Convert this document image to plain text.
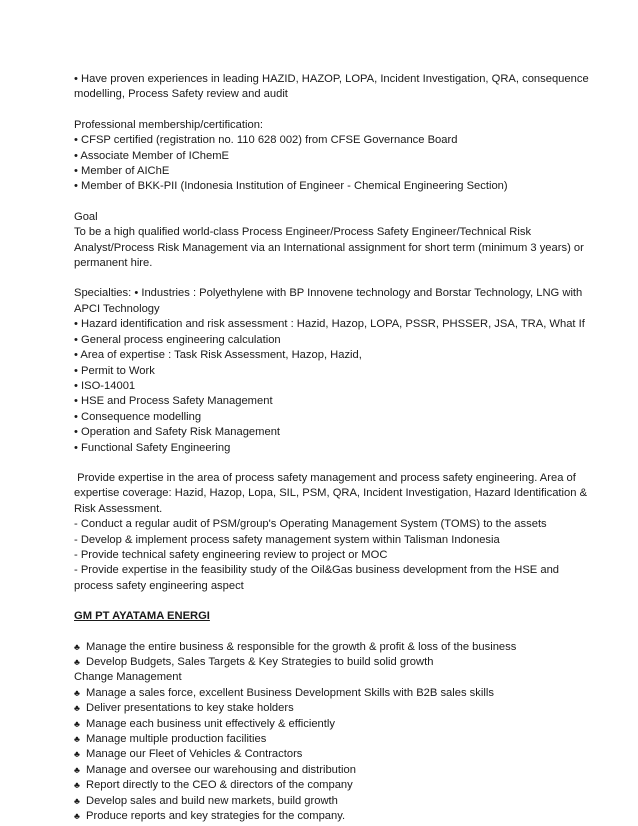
• Have proven experiences in leading HAZID, HAZOP, LOPA, Incident Investigation, QRA, consequence
modelling, Process Safety review and audit
Professional membership/certification:
• CFSP certified (registration no. 110 628 002) from CFSE Governance Board
• Associate Member of IChemE
• Member of AIChE
• Member of BKK-PII (Indonesia Institution of Engineer - Chemical Engineering Section)
Goal
To be a high qualified world-class Process Engineer/Process Safety Engineer/Technical Risk
Analyst/Process Risk Management via an International assignment for short term (minimum 3 years) or
permanent hire.
Specialties: • Industries : Polyethylene with BP Innovene technology and Borstar Technology, LNG with
APCI Technology
• Hazard identification and risk assessment : Hazid, Hazop, LOPA, PSSR, PHSSER, JSA, TRA, What If
• General process engineering calculation
• Area of expertise : Task Risk Assessment, Hazop, Hazid,
• Permit to Work
• ISO-14001
• HSE and Process Safety Management
• Consequence modelling
• Operation and Safety Risk Management
• Functional Safety Engineering
Provide expertise in the area of process safety management and process safety engineering. Area of
expertise coverage: Hazid, Hazop, Lopa, SIL, PSM, QRA, Incident Investigation, Hazard Identification &
Risk Assessment.
- Conduct a regular audit of PSM/group's Operating Management System (TOMS) to the assets
- Develop & implement process safety management system within Talisman Indonesia
- Provide technical safety engineering review to project or MOC
- Provide expertise in the feasibility study of the Oil&Gas business development from the HSE and
process safety engineering aspect
GM PT AYATAMA ENERGI
♣ Manage the entire business & responsible for the growth & profit & loss of the business
♣ Develop Budgets, Sales Targets & Key Strategies to build solid growth
Change Management
♣ Manage a sales force, excellent Business Development Skills with B2B sales skills
♣ Deliver presentations to key stake holders
♣ Manage each business unit effectively & efficiently
♣ Manage multiple production facilities
♣ Manage our Fleet of Vehicles & Contractors
♣ Manage and oversee our warehousing and distribution
♣ Report directly to the CEO & directors of the company
♣ Develop sales and build new markets, build growth
♣ Produce reports and key strategies for the company.
